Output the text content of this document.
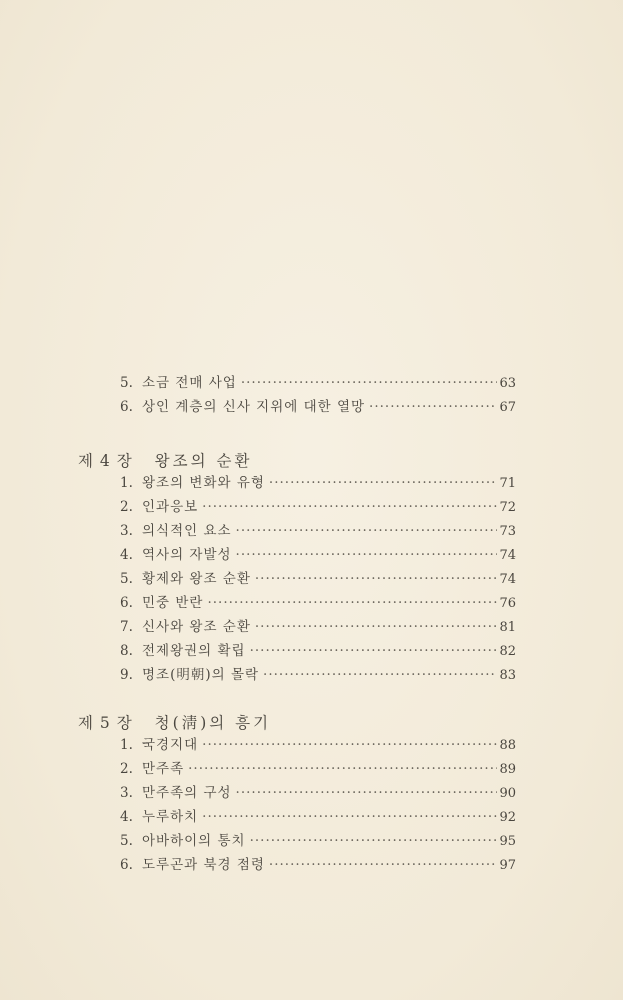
5. 소금 전매 사업 ·····	63
6. 상인 계층의 신사 지위에 대한 열망 ·····	67
제 4 장	왕조의 순환
1. 왕조의 변화와 유형 ·····	71
2. 인과응보 ·····	72
3. 의식적인 요소 ·····	73
4. 역사의 자발성 ·····	74
5. 황제와 왕조 순환 ·····	74
6. 민중 반란 ·····	76
7. 신사와 왕조 순환 ·····	81
8. 전제왕권의 확립 ·····	82
9. 명조(明朝)의 몰락 ·····	83
제 5 장	청(淸)의 흥기
1. 국경지대 ·····	88
2. 만주족 ·····	89
3. 만주족의 구성 ·····	90
4. 누루하치 ·····	92
5. 아바하이의 통치 ·····	95
6. 도루곤과 북경 점령 ·····	97
